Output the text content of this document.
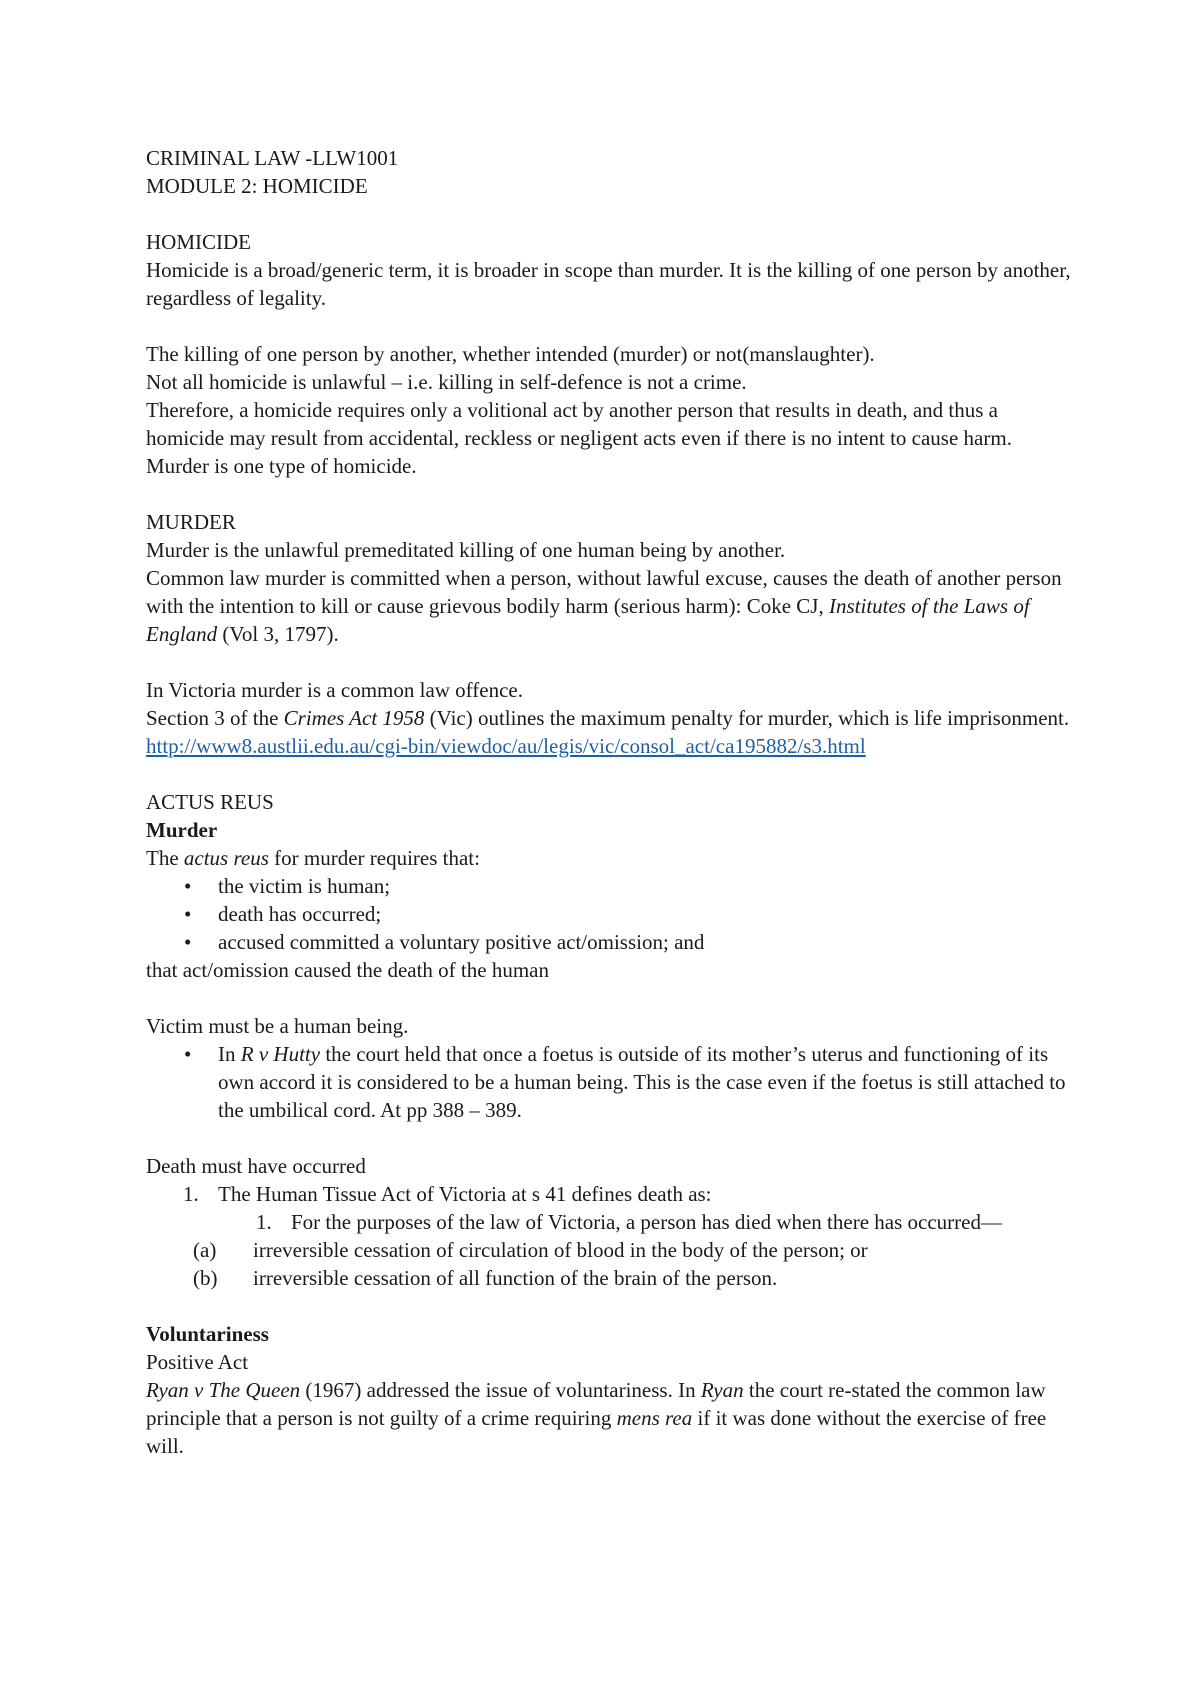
CRIMINAL LAW -LLW1001

MODULE 2: HOMICIDE

HOMICIDE

Homicide is a broad/generic term, it is broader in scope than murder. It is the killing of one person by another, regardless of legality.

The killing of one person by another, whether intended (murder) or not(manslaughter).

Not all homicide is unlawful – i.e. killing in self-defence is not a crime.

Therefore, a homicide requires only a volitional act by another person that results in death, and thus a homicide may result from accidental, reckless or negligent acts even if there is no intent to cause harm. Murder is one type of homicide.

MURDER

Murder is the unlawful premeditated killing of one human being by another.

Common law murder is committed when a person, without lawful excuse, causes the death of another person with the intention to kill or cause grievous bodily harm (serious harm): Coke CJ, Institutes of the Laws of England (Vol 3, 1797).

In Victoria murder is a common law offence.

Section 3 of the Crimes Act 1958 (Vic) outlines the maximum penalty for murder, which is life imprisonment.

http://www8.austlii.edu.au/cgi-bin/viewdoc/au/legis/vic/consol_act/ca195882/s3.html

ACTUS REUS

Murder

The actus reus for murder requires that:

• the victim is human;
• death has occurred;
• accused committed a voluntary positive act/omission; and

that act/omission caused the death of the human

Victim must be a human being.

• In R v Hutty the court held that once a foetus is outside of its mother’s uterus and functioning of its own accord it is considered to be a human being. This is the case even if the foetus is still attached to the umbilical cord. At pp 388 – 389.

Death must have occurred

1. The Human Tissue Act of Victoria at s 41 defines death as:

1. For the purposes of the law of Victoria, a person has died when there has occurred—

(a) irreversible cessation of circulation of blood in the body of the person; or

(b) irreversible cessation of all function of the brain of the person.

Voluntariness

Positive Act

Ryan v The Queen (1967) addressed the issue of voluntariness. In Ryan the court re-stated the common law principle that a person is not guilty of a crime requiring mens rea if it was done without the exercise of free will.
